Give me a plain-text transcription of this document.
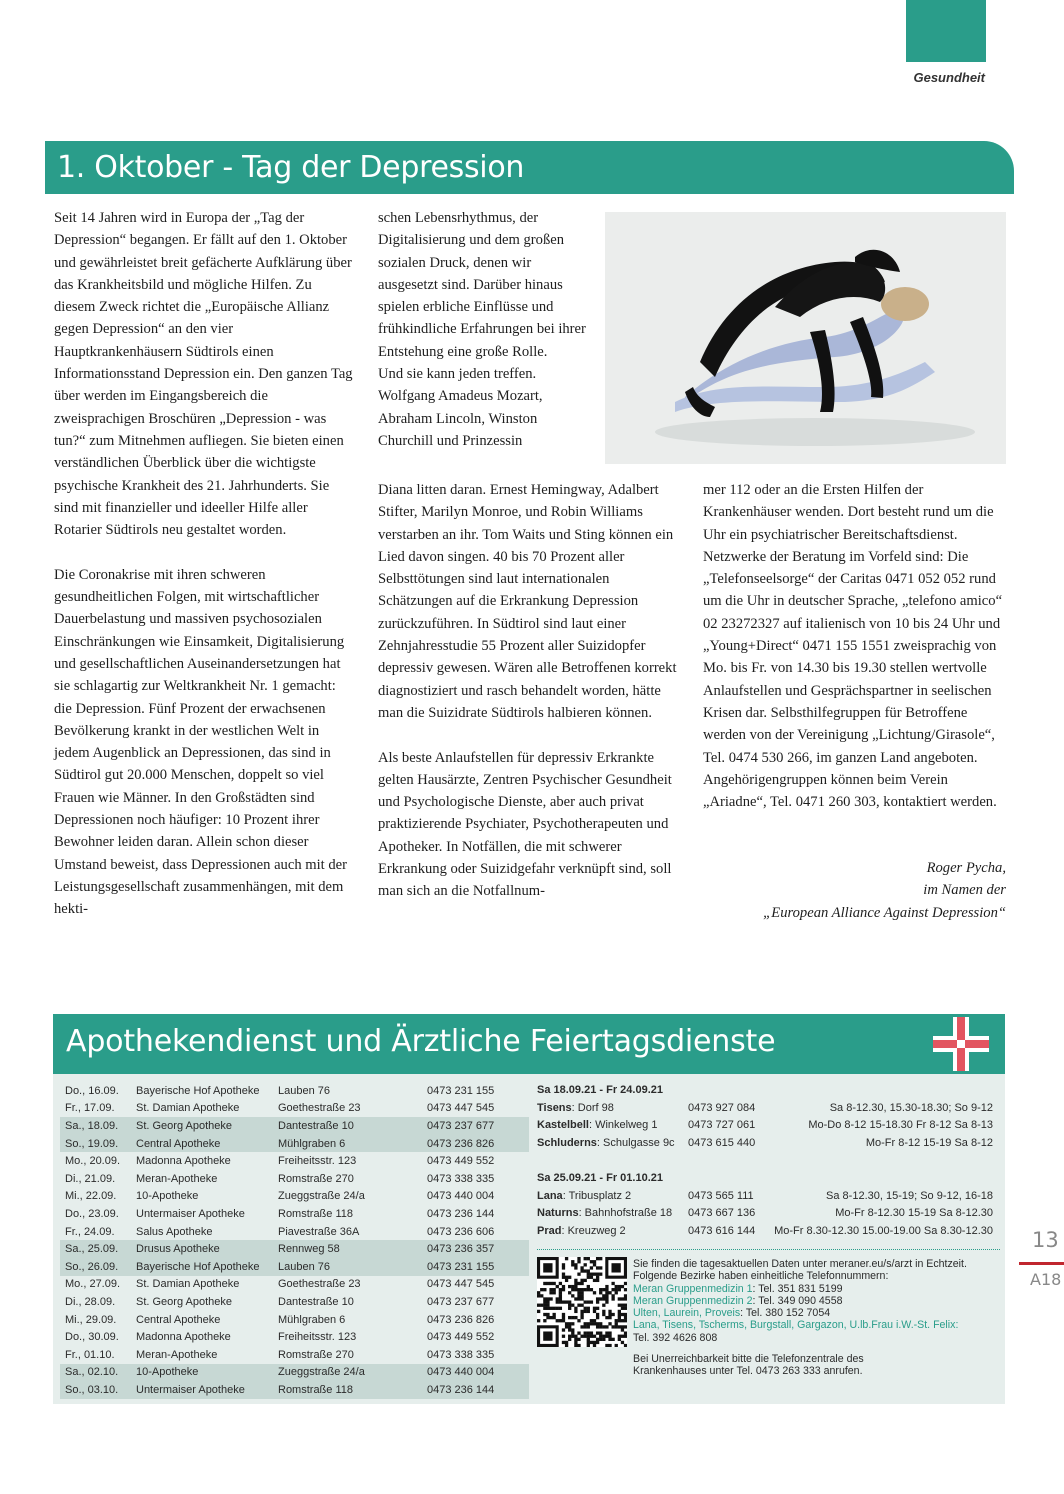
Gesundheit
1. Oktober - Tag der Depression

Seit 14 Jahren wird in Europa der „Tag der Depression“ begangen. Er fällt auf den 1. Oktober und gewährleistet breit gefächerte Aufklärung über das Krankheitsbild und mögliche Hilfen. Zu diesem Zweck richtet die „Europäische Allianz gegen Depression“ an den vier Hauptkrankenhäusern Südtirols einen Informationsstand Depression ein. Den ganzen Tag über werden im Eingangsbereich die zweisprachigen Broschüren „Depression - was tun?“ zum Mitnehmen aufliegen. Sie bieten einen verständlichen Überblick über die wichtigste psychische Krankheit des 21. Jahrhunderts. Sie sind mit finanzieller und ideeller Hilfe aller Rotarier Südtirols neu gestaltet worden.

Die Coronakrise mit ihren schweren gesundheitlichen Folgen, mit wirtschaftlicher Dauerbelastung und massiven psychosozialen Einschränkungen wie Einsamkeit, Digitalisierung und gesellschaftlichen Auseinandersetzungen hat sie schlagartig zur Weltkrankheit Nr. 1 gemacht: die Depression. Fünf Prozent der erwachsenen Bevölkerung krankt in der westlichen Welt in jedem Augenblick an Depressionen, das sind in Südtirol gut 20.000 Menschen, doppelt so viel Frauen wie Männer. In den Großstädten sind Depressionen noch häufiger: 10 Prozent ihrer Bewohner leiden daran. Allein schon dieser Umstand beweist, dass Depressionen auch mit der Leistungsgesellschaft zusammenhängen, mit dem hekti-

schen Lebensrhythmus, der Digitalisierung und dem großen sozialen Druck, denen wir ausgesetzt sind. Darüber hinaus spielen erbliche Einflüsse und frühkindliche Erfahrungen bei ihrer Entstehung eine große Rolle.

Und sie kann jeden treffen. Wolfgang Amadeus Mozart, Abraham Lincoln, Winston Churchill und Prinzessin

Diana litten daran. Ernest Hemingway, Adalbert Stifter, Marilyn Monroe, und Robin Williams verstarben an ihr. Tom Waits und Sting können ein Lied davon singen. 40 bis 70 Prozent aller Selbsttötungen sind laut internationalen Schätzungen auf die Erkrankung Depression zurückzuführen. In Südtirol sind laut einer Zehnjahresstudie 55 Prozent aller Suizidopfer depressiv gewesen. Wären alle Betroffenen korrekt diagnostiziert und rasch behandelt worden, hätte man die Suizidrate Südtirols halbieren können.

Als beste Anlaufstellen für depressiv Erkrankte gelten Hausärzte, Zentren Psychischer Gesundheit und Psychologische Dienste, aber auch privat praktizierende Psychiater, Psychotherapeuten und Apotheker. In Notfällen, die mit schwerer Erkrankung oder Suizidgefahr verknüpft sind, soll man sich an die Notfallnum-

mer 112 oder an die Ersten Hilfen der Krankenhäuser wenden. Dort besteht rund um die Uhr ein psychiatrischer Bereitschaftsdienst. Netzwerke der Beratung im Vorfeld sind: Die „Telefonseelsorge“ der Caritas 0471 052 052 rund um die Uhr in deutscher Sprache, „telefono amico“ 02 23272327 auf italienisch von 10 bis 24 Uhr und „Young+Direct“ 0471 155 1551 zweisprachig von Mo. bis Fr. von 14.30 bis 19.30 stellen wertvolle Anlaufstellen und Gesprächspartner in seelischen Krisen dar. Selbsthilfegruppen für Betroffene werden von der Vereinigung „Lichtung/Girasole“, Tel. 0474 530 266, im ganzen Land angeboten. Angehörigengruppen können beim Verein „Ariadne“, Tel. 0471 260 303, kontaktiert werden.

Roger Pycha,
im Namen der
„European Alliance Against Depression“
Apothekendienst und Ärztliche Feiertagsdienste
Do., 16.09.	Bayerische Hof Apotheke	Lauben 76	0473 231 155
Fr., 17.09.	St. Damian Apotheke	Goethestraße 23	0473 447 545
Sa., 18.09.	St. Georg Apotheke	Dantestraße 10	0473 237 677
So., 19.09.	Central Apotheke	Mühlgraben 6	0473 236 826
Mo., 20.09.	Madonna Apotheke	Freiheitsstr. 123	0473 449 552
Di., 21.09.	Meran-Apotheke	Romstraße 270	0473 338 335
Mi., 22.09.	10-Apotheke	Zueggstraße 24/a	0473 440 004
Do., 23.09.	Untermaiser Apotheke	Romstraße 118	0473 236 144
Fr., 24.09.	Salus Apotheke	Piavestraße 36A	0473 236 606
Sa., 25.09.	Drusus Apotheke	Rennweg 58	0473 236 357
So., 26.09.	Bayerische Hof Apotheke	Lauben 76	0473 231 155
Mo., 27.09.	St. Damian Apotheke	Goethestraße 23	0473 447 545
Di., 28.09.	St. Georg Apotheke	Dantestraße 10	0473 237 677
Mi., 29.09.	Central Apotheke	Mühlgraben 6	0473 236 826
Do., 30.09.	Madonna Apotheke	Freiheitsstr. 123	0473 449 552
Fr., 01.10.	Meran-Apotheke	Romstraße 270	0473 338 335
Sa., 02.10.	10-Apotheke	Zueggstraße 24/a	0473 440 004
So., 03.10.	Untermaiser Apotheke	Romstraße 118	0473 236 144
Sa 18.09.21 - Fr 24.09.21
Tisens: Dorf 98	0473 927 084	Sa 8-12.30, 15.30-18.30; So 9-12
Kastelbell: Winkelweg 1	0473 727 061	Mo-Do 8-12 15-18.30 Fr 8-12 Sa 8-13
Schluderns: Schulgasse 9c	0473 615 440	Mo-Fr 8-12 15-19 Sa 8-12
Sa 25.09.21 - Fr 01.10.21
Lana: Tribusplatz 2	0473 565 111	Sa 8-12.30, 15-19; So 9-12, 16-18
Naturns: Bahnhofstraße 18	0473 667 136	Mo-Fr 8-12.30 15-19 Sa 8-12.30
Prad: Kreuzweg 2	0473 616 144	Mo-Fr 8.30-12.30 15.00-19.00 Sa 8.30-12.30

Sie finden die tagesaktuellen Daten unter meraner.eu/s/arzt in Echtzeit.

Folgende Bezirke haben einheitliche Telefonnummern:

Meran Gruppenmedizin 1: Tel. 351 831 5199

Meran Gruppenmedizin 2: Tel. 349 090 4558

Ulten, Laurein, Proveis: Tel. 380 152 7054

Lana, Tisens, Tscherms, Burgstall, Gargazon, U.lb.Frau i.W.-St. Felix:

Tel. 392 4626 808

Bei Unerreichbarkeit bitte die Telefonzentrale des

Krankenhauses unter Tel. 0473 263 333 anrufen.

13
A18
